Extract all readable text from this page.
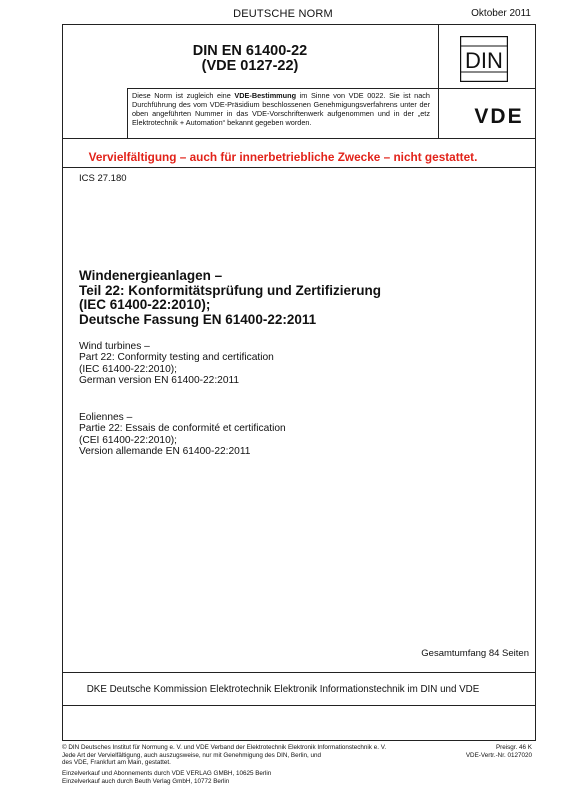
DEUTSCHE NORM	Oktober 2011
DIN EN 61400-22
(VDE 0127-22)	DIN
Diese Norm ist zugleich eine VDE-Bestimmung im Sinne von VDE 0022. Sie ist nach Durchführung des vom VDE-Präsidium beschlossenen Genehmigungsverfahrens unter der oben angeführten Nummer in das VDE-Vorschriftenwerk aufgenommen und in der „etz Elektrotechnik + Automation“ bekannt gegeben worden.	VDE
Vervielfältigung – auch für innerbetriebliche Zwecke – nicht gestattet.
ICS 27.180
Windenergieanlagen –
Teil 22: Konformitätsprüfung und Zertifizierung
(IEC 61400-22:2010);
Deutsche Fassung EN 61400-22:2011
Wind turbines –
Part 22: Conformity testing and certification
(IEC 61400-22:2010);
German version EN 61400-22:2011
Eoliennes –
Partie 22: Essais de conformité et certification
(CEI 61400-22:2010);
Version allemande EN 61400-22:2011
Gesamtumfang 84 Seiten
DKE Deutsche Kommission Elektrotechnik Elektronik Informationstechnik im DIN und VDE
© DIN Deutsches Institut für Normung e. V. und VDE Verband der Elektrotechnik Elektronik Informationstechnik e. V.
Jede Art der Vervielfältigung, auch auszugsweise, nur mit Genehmigung des DIN, Berlin, und
des VDE, Frankfurt am Main, gestattet.
Preisgr. 46 K
VDE-Vertr.-Nr. 0127020
Einzelverkauf und Abonnements durch VDE VERLAG GMBH, 10625 Berlin
Einzelverkauf auch durch Beuth Verlag GmbH, 10772 Berlin
